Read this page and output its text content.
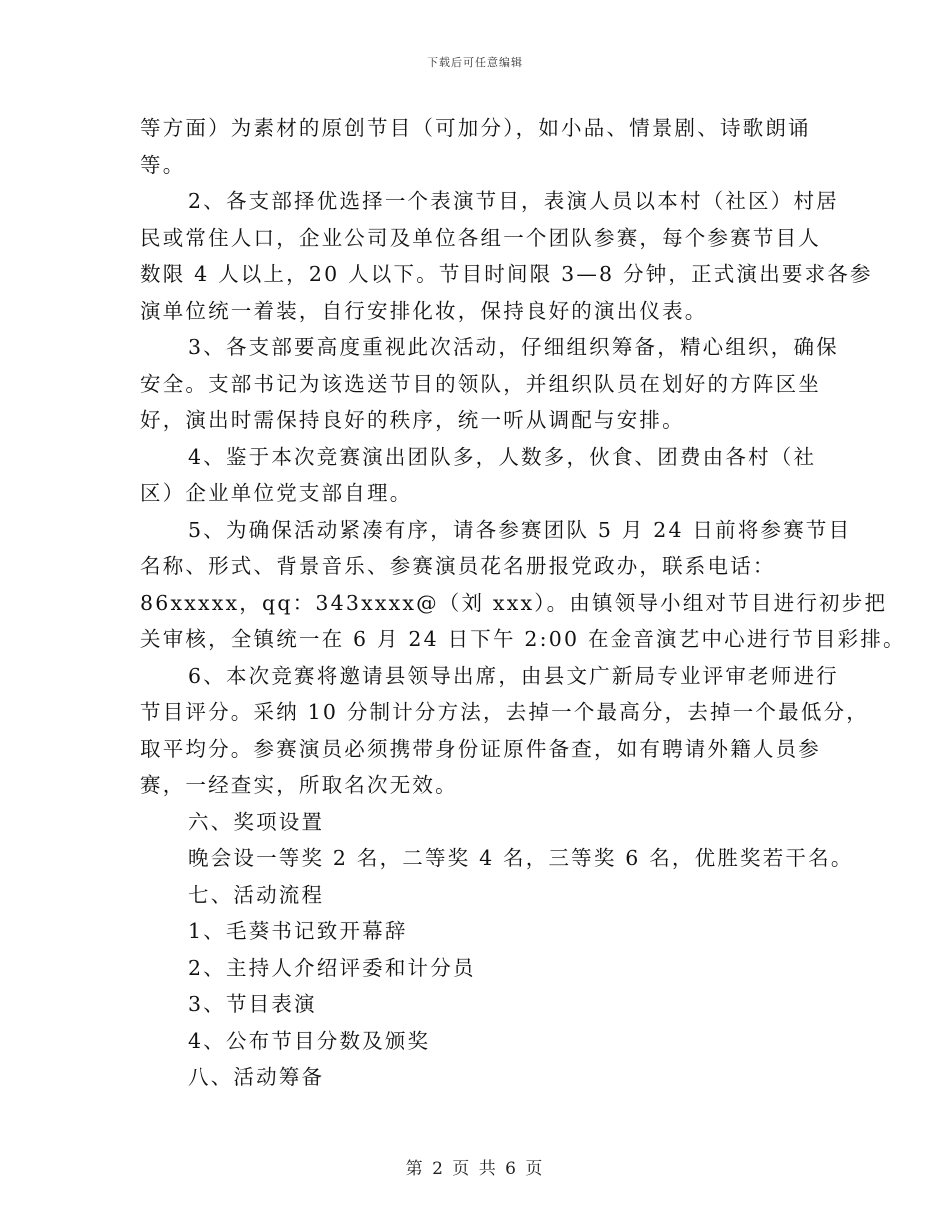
下载后可任意编辑
等方面）为素材的原创节目（可加分），如小品、情景剧、诗歌朗诵
等。
2、各支部择优选择一个表演节目，表演人员以本村（社区）村居
民或常住人口，企业公司及单位各组一个团队参赛，每个参赛节目人
数限 4 人以上，20 人以下。节目时间限 3—8 分钟，正式演出要求各参
演单位统一着装，自行安排化妆，保持良好的演出仪表。
3、各支部要高度重视此次活动，仔细组织筹备，精心组织，确保
安全。支部书记为该选送节目的领队，并组织队员在划好的方阵区坐
好，演出时需保持良好的秩序，统一听从调配与安排。
4、鉴于本次竞赛演出团队多，人数多，伙食、团费由各村（社
区）企业单位党支部自理。
5、为确保活动紧凑有序，请各参赛团队 5 月 24 日前将参赛节目
名称、形式、背景音乐、参赛演员花名册报党政办，联系电话：
86xxxxx，qq：343xxxx@（刘 xxx）。由镇领导小组对节目进行初步把
关审核，全镇统一在 6 月 24 日下午 2:00 在金音演艺中心进行节目彩排。
6、本次竞赛将邀请县领导出席，由县文广新局专业评审老师进行
节目评分。采纳 10 分制计分方法，去掉一个最高分，去掉一个最低分，
取平均分。参赛演员必须携带身份证原件备查，如有聘请外籍人员参
赛，一经查实，所取名次无效。
六、奖项设置
晚会设一等奖 2 名，二等奖 4 名，三等奖 6 名，优胜奖若干名。
七、活动流程
1、毛葵书记致开幕辞
2、主持人介绍评委和计分员
3、节目表演
4、公布节目分数及颁奖
八、活动筹备
第 2 页 共 6 页
